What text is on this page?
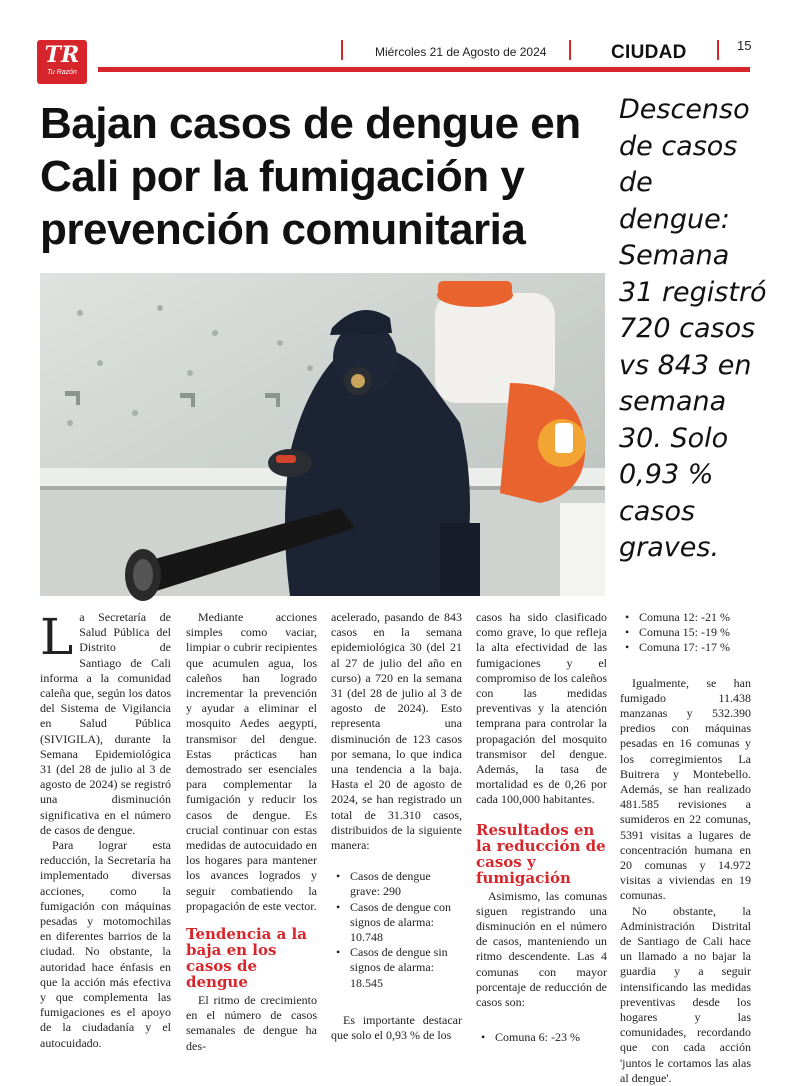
TR
Tu Razón
Miércoles 21 de Agosto de 2024	CIUDAD	15
Bajan casos de dengue en Cali por la fumigación y prevención comunitaria
Descenso de casos de dengue: Semana 31 registró 720 casos vs 843 en semana 30. Solo 0,93 % casos graves.

La Secretaría de Salud Pública del Distrito de Santiago de Cali informa a la comunidad caleña que, según los datos del Sistema de Vigilancia en Salud Pública (SIVIGILA), durante la Semana Epidemiológica 31 (del 28 de julio al 3 de agosto de 2024) se registró una disminución significativa en el número de casos de dengue.

Para lograr esta reducción, la Secretaría ha implementado diversas acciones, como la fumigación con máquinas pesadas y motomochilas en diferentes barrios de la ciudad. No obstante, la autoridad hace énfasis en que la acción más efectiva y que complementa las fumigaciones es el apoyo de la ciudadanía y el autocuidado.

Mediante acciones simples como vaciar, limpiar o cubrir recipientes que acumulen agua, los caleños han logrado incrementar la prevención y ayudar a eliminar el mosquito Aedes aegypti, transmisor del dengue. Estas prácticas han demostrado ser esenciales para complementar la fumigación y reducir los casos de dengue. Es crucial continuar con estas medidas de autocuidado en los hogares para mantener los avances logrados y seguir combatiendo la propagación de este vector.

Tendencia a la baja en los casos de dengue

El ritmo de crecimiento en el número de casos semanales de dengue ha des-

acelerado, pasando de 843 casos en la semana epidemiológica 30 (del 21 al 27 de julio del año en curso) a 720 en la semana 31 (del 28 de julio al 3 de agosto de 2024). Esto representa una disminución de 123 casos por semana, lo que indica una tendencia a la baja. Hasta el 20 de agosto de 2024, se han registrado un total de 31.310 casos, distribuidos de la siguiente manera:

• Casos de dengue grave: 290
• Casos de dengue con signos de alarma: 10.748
• Casos de dengue sin signos de alarma: 18.545

Es importante destacar que solo el 0,93 % de los

casos ha sido clasificado como grave, lo que refleja la alta efectividad de las fumigaciones y el compromiso de los caleños con las medidas preventivas y la atención temprana para controlar la propagación del mosquito transmisor del dengue. Además, la tasa de mortalidad es de 0,26 por cada 100,000 habitantes.

Resultados en la reducción de casos y fumigación

Asimismo, las comunas siguen registrando una disminución en el número de casos, manteniendo un ritmo descendente. Las 4 comunas con mayor porcentaje de reducción de casos son:

• Comuna 6: -23 %
• Comuna 12: -21 %
• Comuna 15: -19 %
• Comuna 17: -17 %

Igualmente, se han fumigado 11.438 manzanas y 532.390 predios con máquinas pesadas en 16 comunas y los corregimientos La Buitrera y Montebello. Además, se han realizado 481.585 revisiones a sumideros en 22 comunas, 5391 visitas a lugares de concentración humana en 20 comunas y 14.972 visitas a viviendas en 19 comunas.

No obstante, la Administración Distrital de Santiago de Cali hace un llamado a no bajar la guardia y a seguir intensificando las medidas preventivas desde los hogares y las comunidades, recordando que con cada acción 'juntos le cortamos las alas al dengue'.
